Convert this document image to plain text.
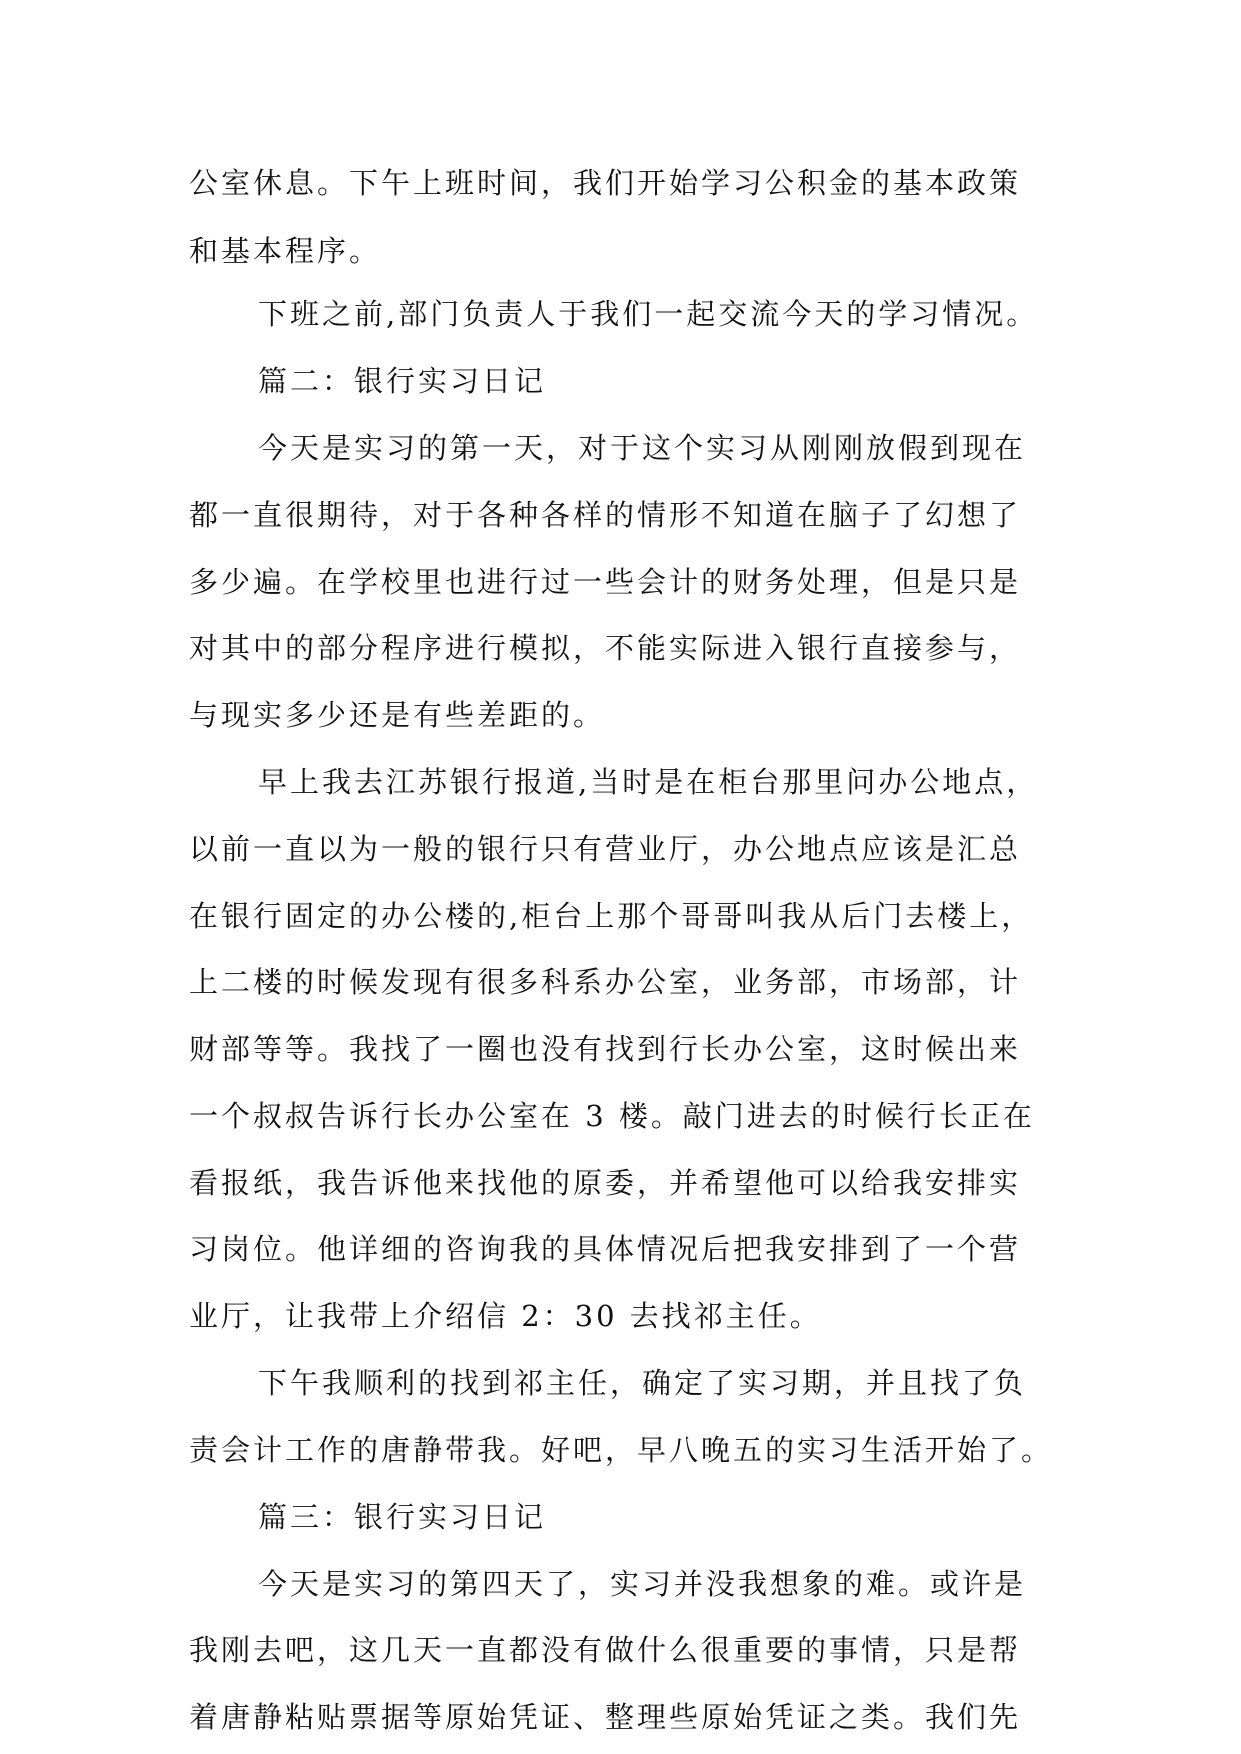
公室休息。下午上班时间，我们开始学习公积金的基本政策

和基本程序。

下班之前,部门负责人于我们一起交流今天的学习情况。

篇二：银行实习日记

今天是实习的第一天，对于这个实习从刚刚放假到现在

都一直很期待，对于各种各样的情形不知道在脑子了幻想了

多少遍。在学校里也进行过一些会计的财务处理，但是只是

对其中的部分程序进行模拟，不能实际进入银行直接参与，

与现实多少还是有些差距的。

早上我去江苏银行报道,当时是在柜台那里问办公地点，

以前一直以为一般的银行只有营业厅，办公地点应该是汇总

在银行固定的办公楼的,柜台上那个哥哥叫我从后门去楼上，

上二楼的时候发现有很多科系办公室，业务部，市场部，计

财部等等。我找了一圈也没有找到行长办公室，这时候出来

一个叔叔告诉行长办公室在 3 楼。敲门进去的时候行长正在

看报纸，我告诉他来找他的原委，并希望他可以给我安排实

习岗位。他详细的咨询我的具体情况后把我安排到了一个营

业厅，让我带上介绍信 2：30 去找祁主任。

下午我顺利的找到祁主任，确定了实习期，并且找了负

责会计工作的唐静带我。好吧，早八晚五的实习生活开始了。

篇三：银行实习日记

今天是实习的第四天了，实习并没我想象的难。或许是

我刚去吧，这几天一直都没有做什么很重要的事情，只是帮

着唐静粘贴票据等原始凭证、整理些原始凭证之类。我们先
